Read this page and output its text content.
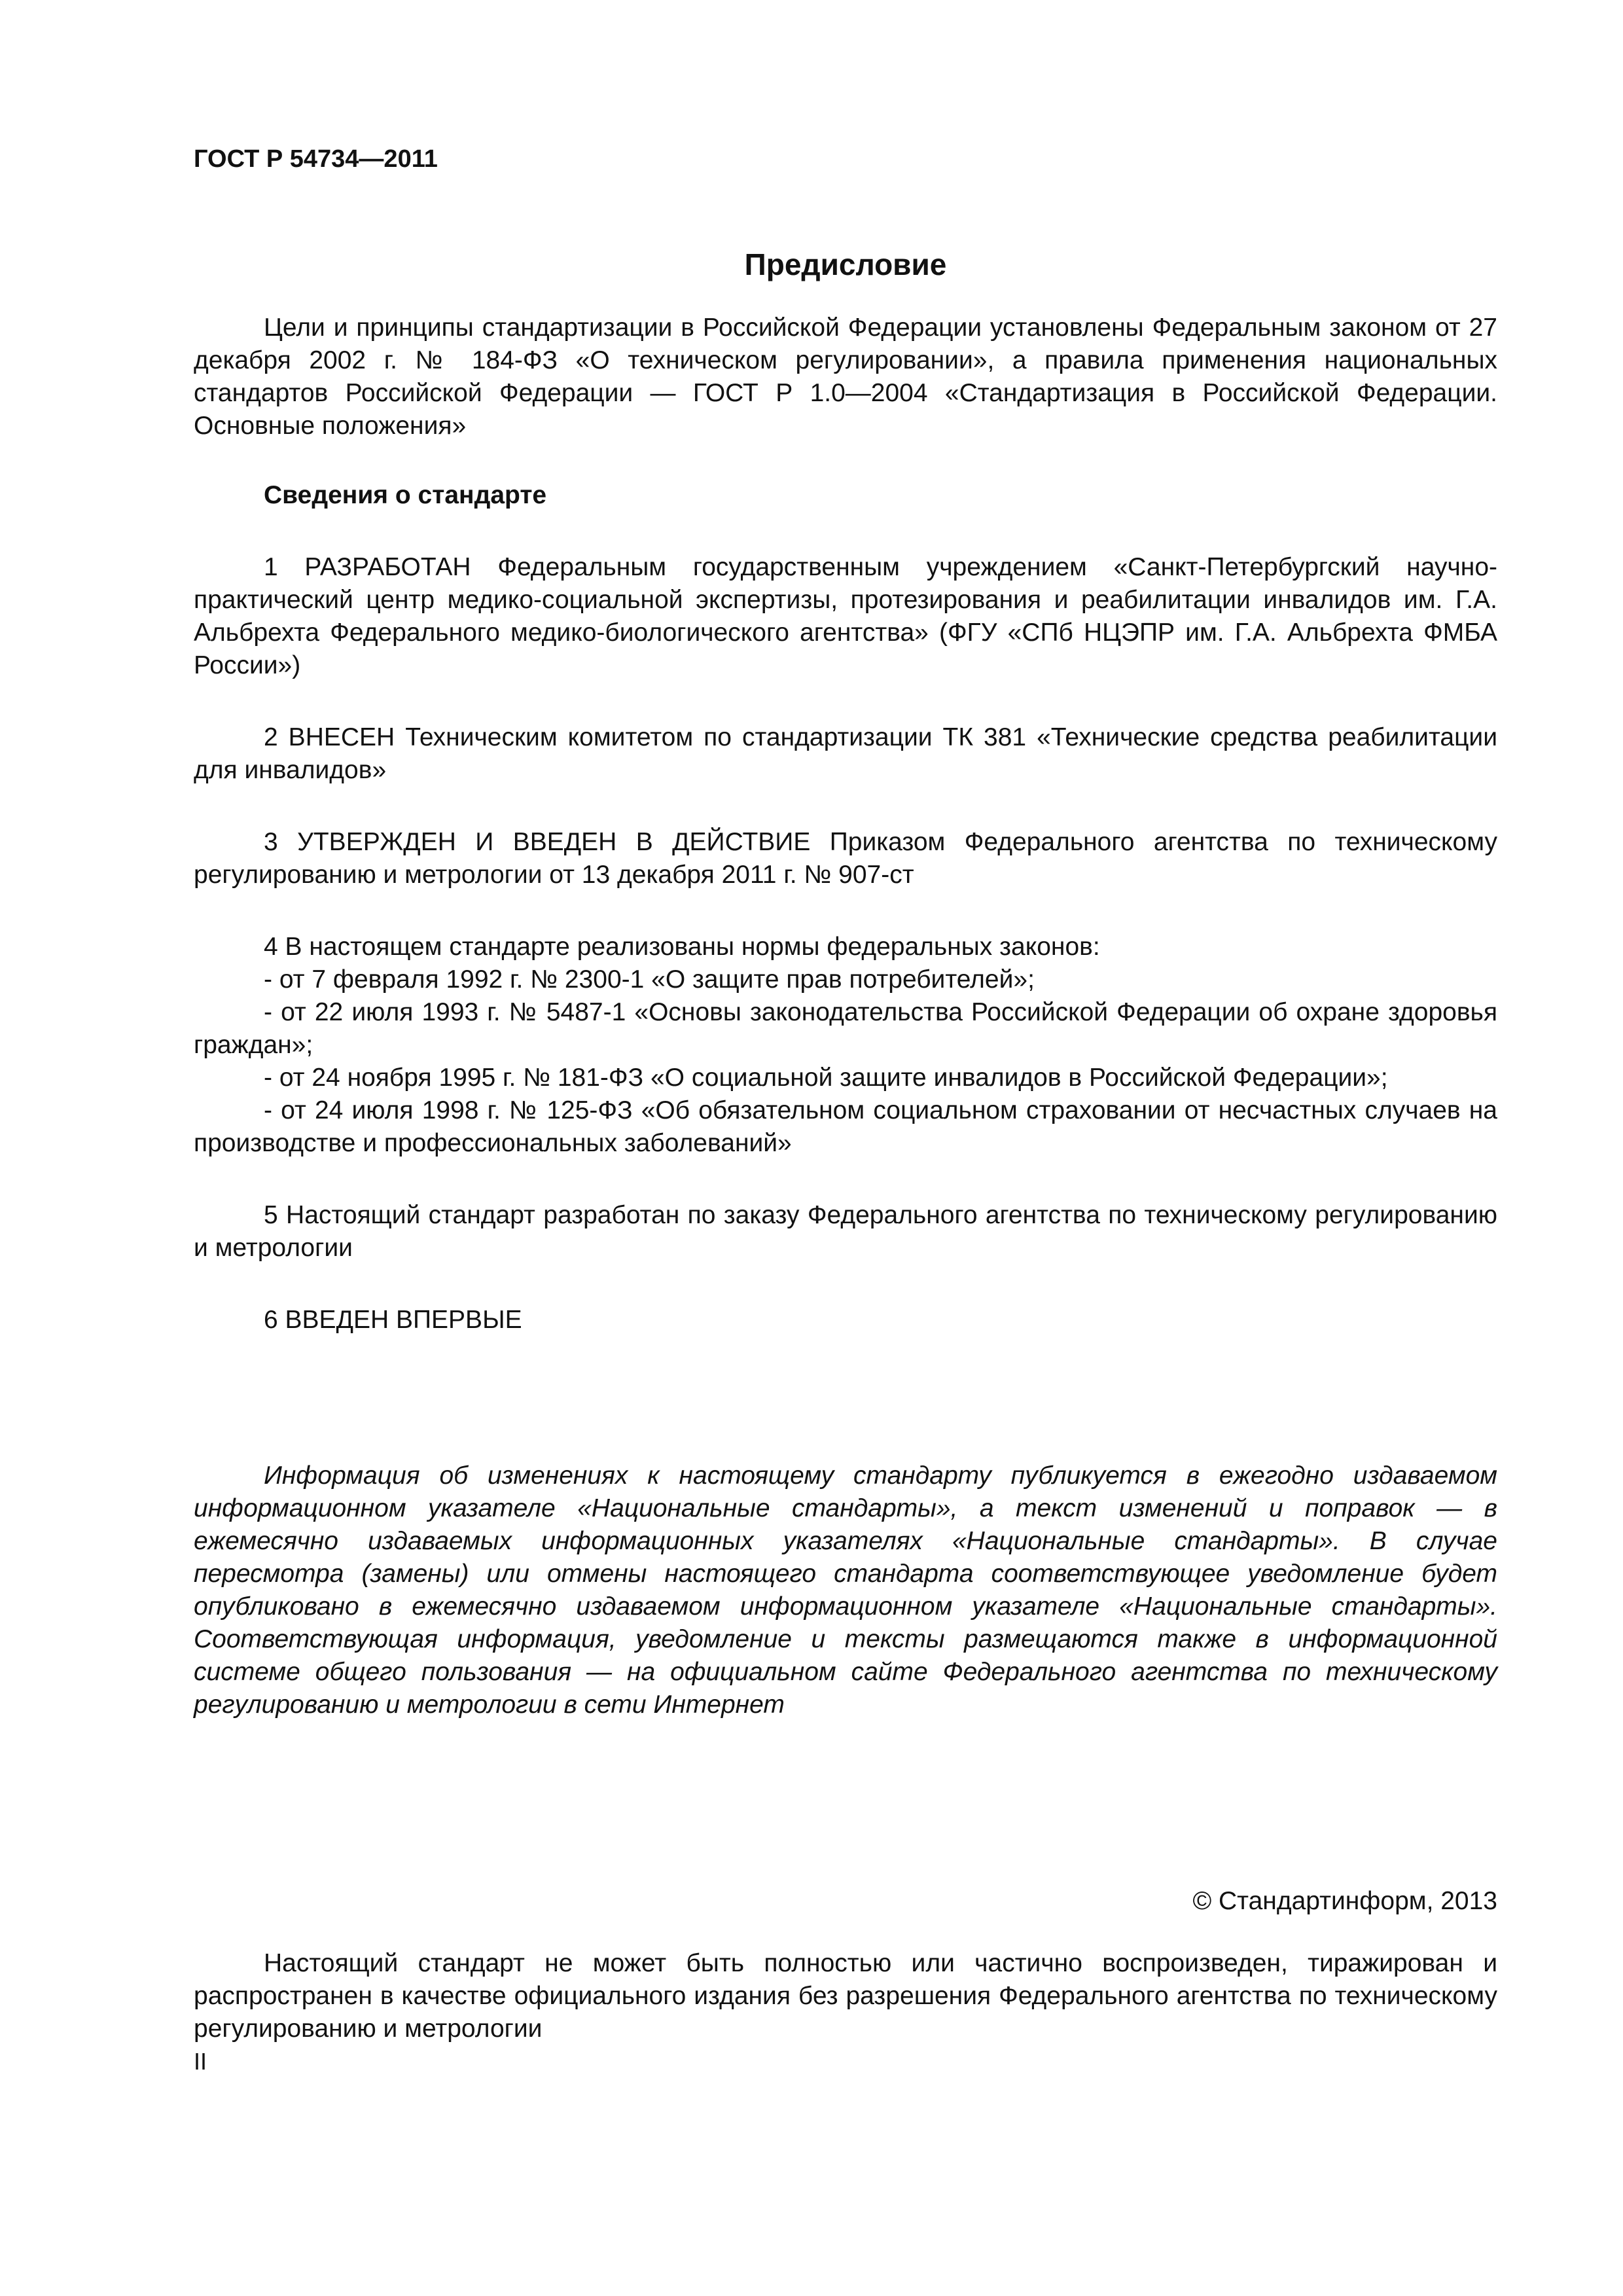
ГОСТ Р 54734—2011

Предисловие

Цели и принципы стандартизации в Российской Федерации установлены Федеральным законом от 27 декабря 2002 г. № 184-ФЗ «О техническом регулировании», а правила применения национальных стандартов Российской Федерации — ГОСТ Р 1.0—2004 «Стандартизация в Российской Федерации. Основные положения»

Сведения о стандарте

1 РАЗРАБОТАН Федеральным государственным учреждением «Санкт-Петербургский научно-практический центр медико-социальной экспертизы, протезирования и реабилитации инвалидов им. Г.А. Альбрехта Федерального медико-биологического агентства» (ФГУ «СПб НЦЭПР им. Г.А. Альбрехта ФМБА России»)

2 ВНЕСЕН Техническим комитетом по стандартизации ТК 381 «Технические средства реабилитации для инвалидов»

3 УТВЕРЖДЕН И ВВЕДЕН В ДЕЙСТВИЕ Приказом Федерального агентства по техническому регулированию и метрологии от 13 декабря 2011 г. № 907-ст

4 В настоящем стандарте реализованы нормы федеральных законов:

- от 7 февраля 1992 г. № 2300-1 «О защите прав потребителей»;

- от 22 июля 1993 г. № 5487-1 «Основы законодательства Российской Федерации об охране здоровья граждан»;

- от 24 ноября 1995 г. № 181-ФЗ «О социальной защите инвалидов в Российской Федерации»;

- от 24 июля 1998 г. № 125-ФЗ «Об обязательном социальном страховании от несчастных случаев на производстве и профессиональных заболеваний»

5 Настоящий стандарт разработан по заказу Федерального агентства по техническому регулированию и метрологии

6 ВВЕДЕН ВПЕРВЫЕ

Информация об изменениях к настоящему стандарту публикуется в ежегодно издаваемом информационном указателе «Национальные стандарты», а текст изменений и поправок — в ежемесячно издаваемых информационных указателях «Национальные стандарты». В случае пересмотра (замены) или отмены настоящего стандарта соответствующее уведомление будет опубликовано в ежемесячно издаваемом информационном указателе «Национальные стандарты». Соответствующая информация, уведомление и тексты размещаются также в информационной системе общего пользования — на официальном сайте Федерального агентства по техническому регулированию и метрологии в сети Интернет

© Стандартинформ, 2013

Настоящий стандарт не может быть полностью или частично воспроизведен, тиражирован и распространен в качестве официального издания без разрешения Федерального агентства по техническому регулированию и метрологии

II
